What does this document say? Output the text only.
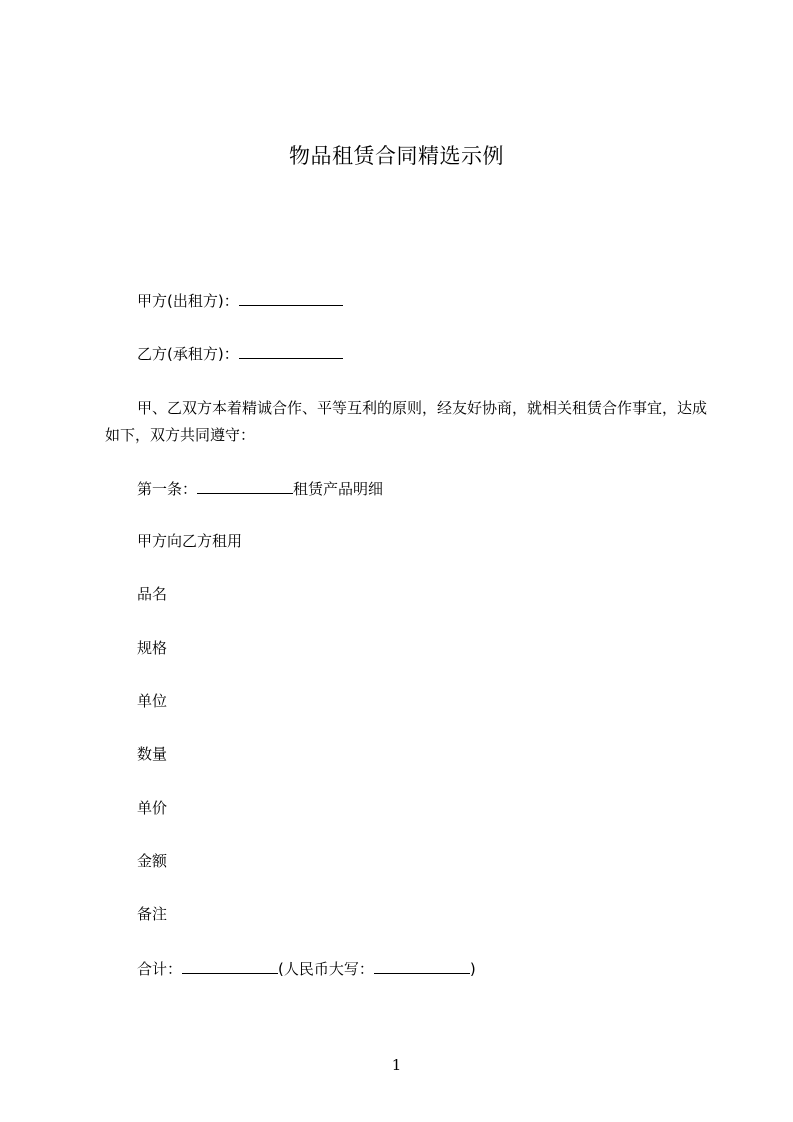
物品租赁合同精选示例
甲方(出租方)：
乙方(承租方)：
甲、乙双方本着精诚合作、平等互利的原则，经友好协商，就相关租赁合作事宜，达成如下，双方共同遵守：
第一条：	租赁产品明细
甲方向乙方租用
品名
规格
单位
数量
单价
金额
备注
合计：	(人民币大写：	)
1
